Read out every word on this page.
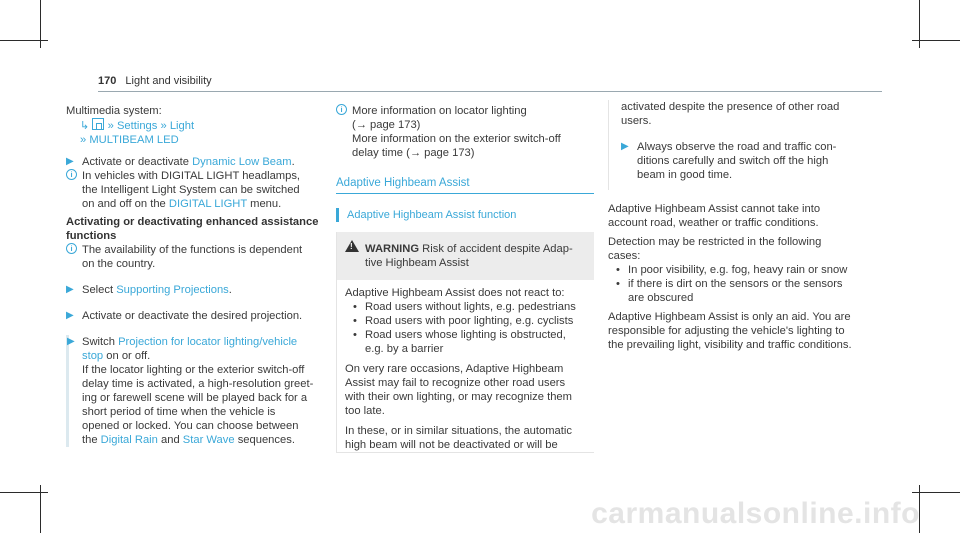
170 Light and visibility

Multimedia system:

↳ » Settings » Light

» MULTIBEAM LED

▶ Activate or deactivate Dynamic Low Beam.
i In vehicles with DIGITAL LIGHT headlamps,

the Intelligent Light System can be switched

on and off on the DIGITAL LIGHT menu.

Activating or deactivating enhanced assistance

functions

i The availability of the functions is dependent

on the country.

▶ Select Supporting Projections.
▶ Activate or deactivate the desired projection.
▶ Switch Projection for locator lighting/vehicle

stop on or off.

If the locator lighting or the exterior switch-off

delay time is activated, a high-resolution greet-

ing or farewell scene will be played back for a

short period of time when the vehicle is

opened or locked. You can choose between

the Digital Rain and Star Wave sequences.

i More information on locator lighting

(→ page 173)

More information on the exterior switch-off

delay time (→ page 173)

Adaptive Highbeam Assist
Adaptive Highbeam Assist function
!

WARNING Risk of accident despite Adap-

tive Highbeam Assist

Adaptive Highbeam Assist does not react to:

• Road users without lights, e.g. pedestrians

• Road users with poor lighting, e.g. cyclists

• Road users whose lighting is obstructed,

e.g. by a barrier

On very rare occasions, Adaptive Highbeam

Assist may fail to recognize other road users

with their own lighting, or may recognize them

too late.

In these, or in similar situations, the automatic

high beam will not be deactivated or will be

activated despite the presence of other road

users.

▶ Always observe the road and traffic con-

ditions carefully and switch off the high

beam in good time.

Adaptive Highbeam Assist cannot take into

account road, weather or traffic conditions.

Detection may be restricted in the following

cases:

• In poor visibility, e.g. fog, heavy rain or snow

• if there is dirt on the sensors or the sensors

are obscured

Adaptive Highbeam Assist is only an aid. You are

responsible for adjusting the vehicle's lighting to

the prevailing light, visibility and traffic conditions.

carmanualsonline.info
